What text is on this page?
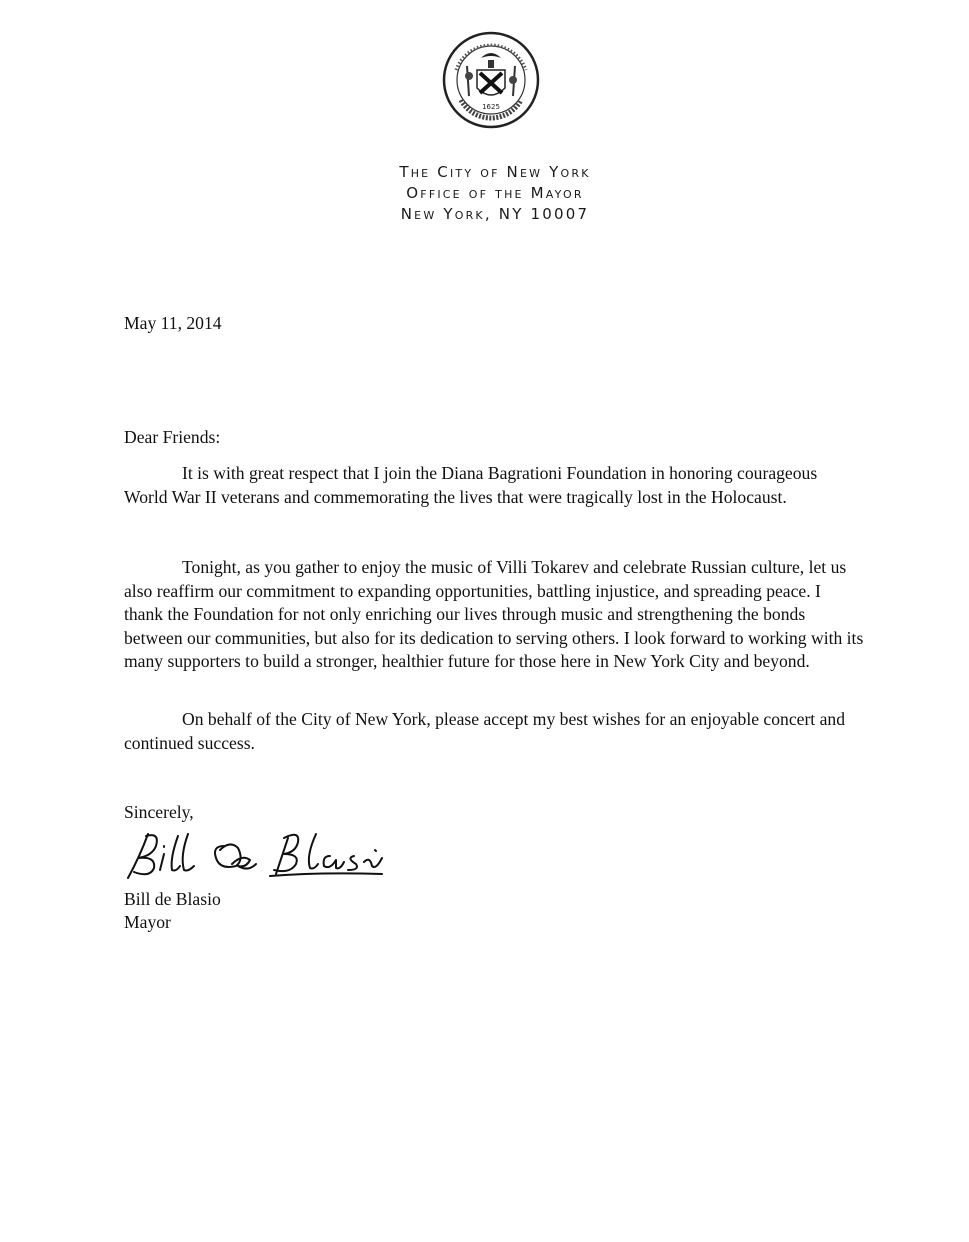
1625
The City of New York
Office of the Mayor
New York, NY 10007
May 11, 2014
Dear Friends:

It is with great respect that I join the Diana Bagrationi Foundation in honoring courageous World War II veterans and commemorating the lives that were tragically lost in the Holocaust.

Tonight, as you gather to enjoy the music of Villi Tokarev and celebrate Russian culture, let us also reaffirm our commitment to expanding opportunities, battling injustice, and spreading peace. I thank the Foundation for not only enriching our lives through music and strengthening the bonds between our communities, but also for its dedication to serving others. I look forward to working with its many supporters to build a stronger, healthier future for those here in New York City and beyond.

On behalf of the City of New York, please accept my best wishes for an enjoyable concert and continued success.

Sincerely,
Bill de Blasio
Mayor
